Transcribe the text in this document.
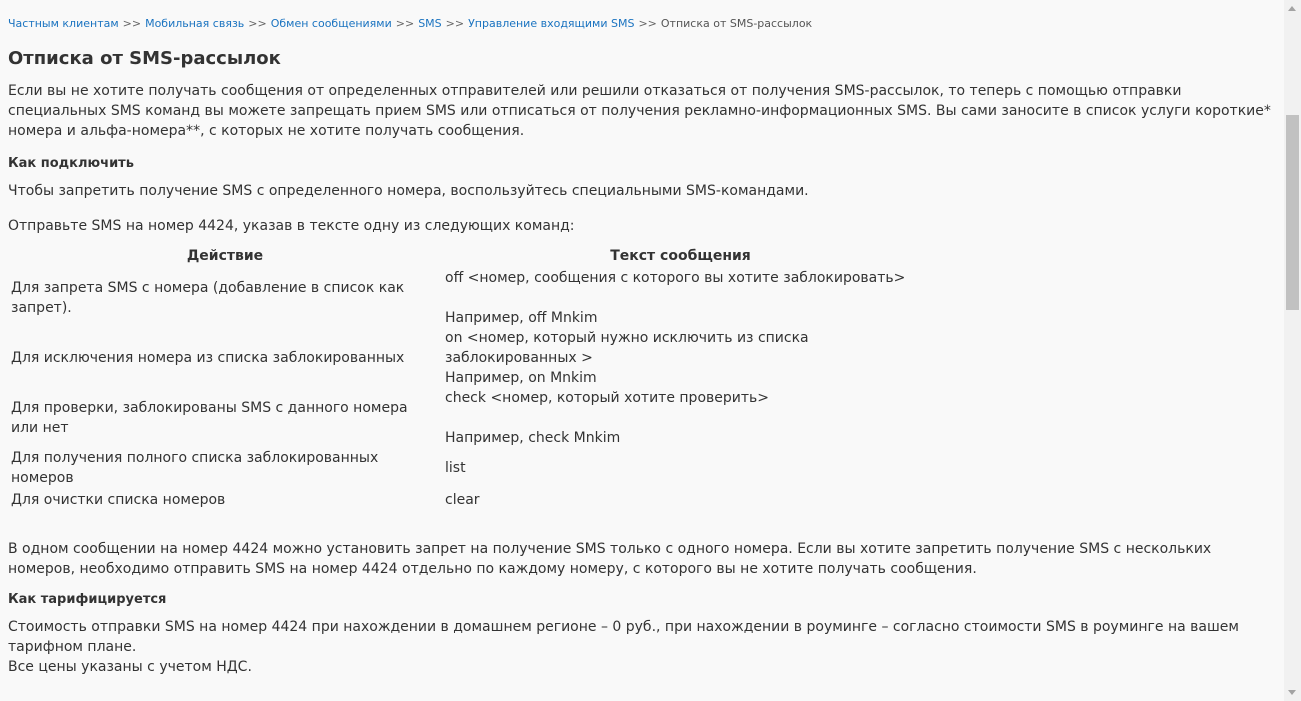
Частным клиентам >> Мобильная связь >> Обмен сообщениями >> SMS >> Управление входящими SMS >> Отписка от SMS-рассылок
Отписка от SMS-рассылок

Если вы не хотите получать сообщения от определенных отправителей или решили отказаться от получения SMS-рассылок, то теперь с помощью отправки специальных SMS команд вы можете запрещать прием SMS или отписаться от получения рекламно-информационных SMS. Вы сами заносите в список услуги короткие* номера и альфа-номера**, с которых не хотите получать сообщения.

Как подключить

Чтобы запретить получение SMS с определенного номера, воспользуйтесь специальными SMS-командами.

Отправьте SMS на номер 4424, указав в тексте одну из следующих команд:

Действие	Текст сообщения
Для запрета SMS с номера (добавление в список как запрет).	off <номер, сообщения с которого вы хотите заблокировать>
Например, off Mnkim

Для исключения номера из списка заблокированных	on <номер, который нужно исключить из списка заблокированных >
Например, on Mnkim

Для проверки, заблокированы SMS с данного номера или нет	check <номер, который хотите проверить>
Например, check Mnkim

Для получения полного списка заблокированных номеров	list
Для очистки списка номеров	clear

В одном сообщении на номер 4424 можно установить запрет на получение SMS только с одного номера. Если вы хотите запретить получение SMS с нескольких номеров, необходимо отправить SMS на номер 4424 отдельно по каждому номеру, с которого вы не хотите получать сообщения.

Как тарифицируется

Стоимость отправки SMS на номер 4424 при нахождении в домашнем регионе – 0 руб., при нахождении в роуминге – согласно стоимости SMS в роуминге на вашем тарифном плане.

Все цены указаны с учетом НДС.
